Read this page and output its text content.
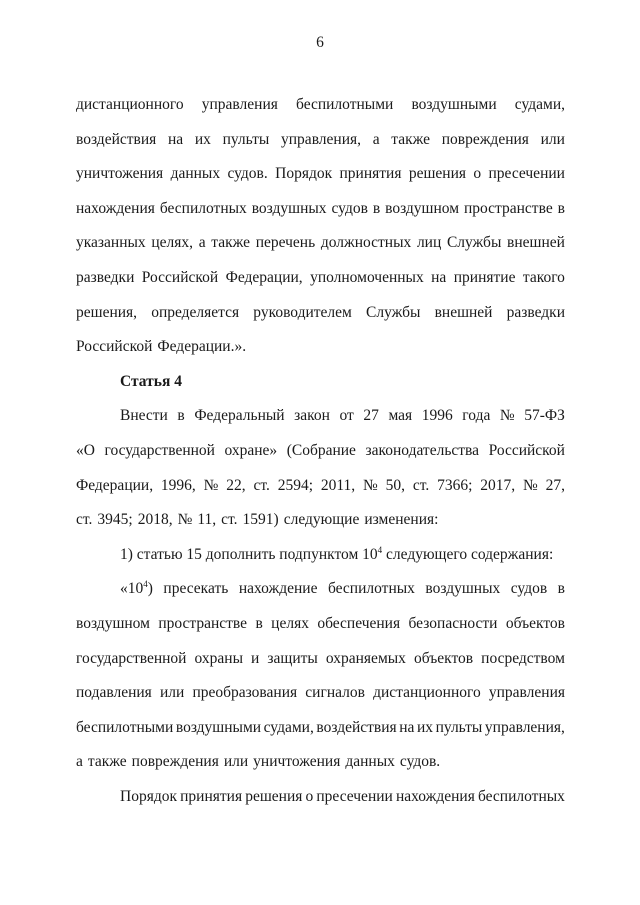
6
дистанционного управления беспилотными воздушными судами,
воздействия на их пульты управления, а также повреждения или
уничтожения данных судов. Порядок принятия решения о пресечении
нахождения беспилотных воздушных судов в воздушном пространстве в
указанных целях, а также перечень должностных лиц Службы внешней
разведки Российской Федерации, уполномоченных на принятие такого
решения, определяется руководителем Службы внешней разведки
Российской Федерации.».
Статья 4
Внести в Федеральный закон от 27 мая 1996 года № 57-ФЗ
«О государственной охране» (Собрание законодательства Российской
Федерации, 1996, № 22, ст. 2594; 2011, № 50, ст. 7366; 2017, № 27,
ст. 3945; 2018, № 11, ст. 1591) следующие изменения:
1) статью 15 дополнить подпунктом $10^4$ следующего содержания:
«$10^4$) пресекать нахождение беспилотных воздушных судов в
воздушном пространстве в целях обеспечения безопасности объектов
государственной охраны и защиты охраняемых объектов посредством
подавления или преобразования сигналов дистанционного управления
беспилотными воздушными судами, воздействия на их пульты управления,
а также повреждения или уничтожения данных судов.
Порядок принятия решения о пресечении нахождения беспилотных
